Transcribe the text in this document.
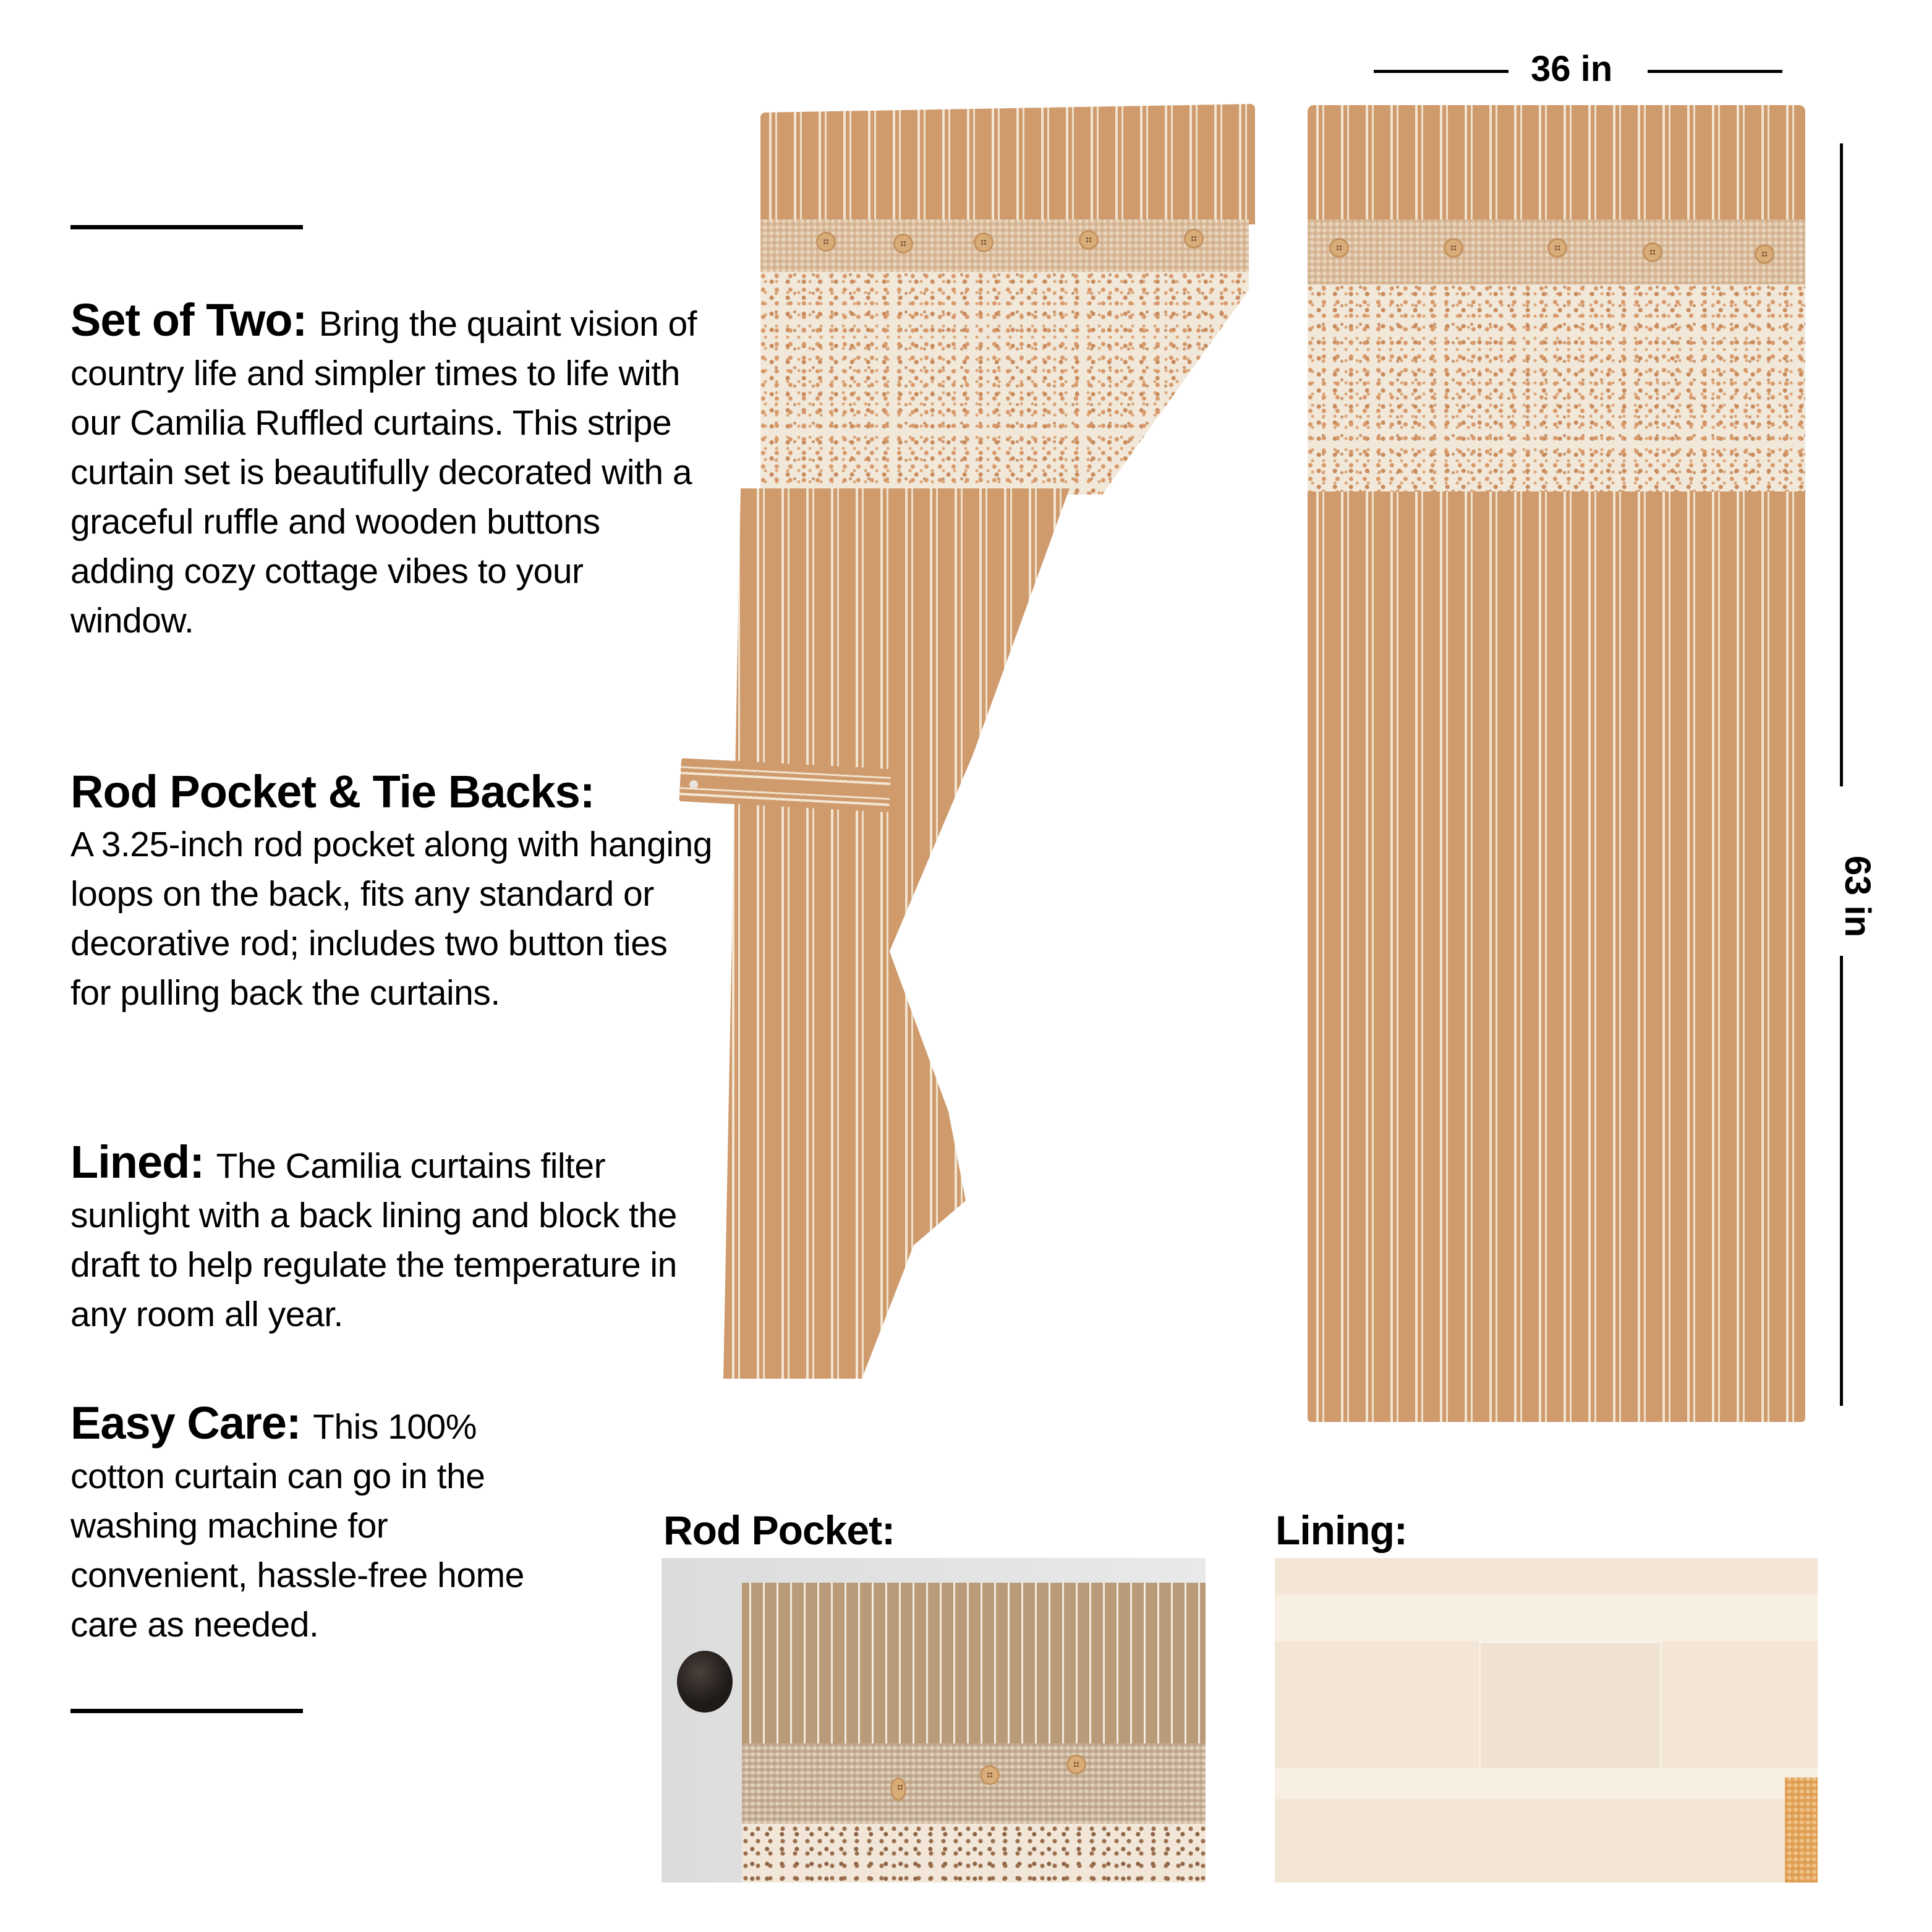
Set of Two: Bring the quaint vision of country life and simpler times to life with our Camilia Ruffled curtains. This stripe curtain set is beautifully decorated with a graceful ruffle and wooden buttons adding cozy cottage vibes to your window.
Rod Pocket & Tie Backs:
A 3.25-inch rod pocket along with hanging loops on the back, fits any standard or decorative rod; includes two button ties for pulling back the curtains.
Lined: The Camilia curtains filter sunlight with a back lining and block the draft to help regulate the temperature in any room all year.
Easy Care: This 100% cotton curtain can go in the washing machine for convenient, hassle-free home care as needed.
36 in
63 in
Rod Pocket:	Lining:
